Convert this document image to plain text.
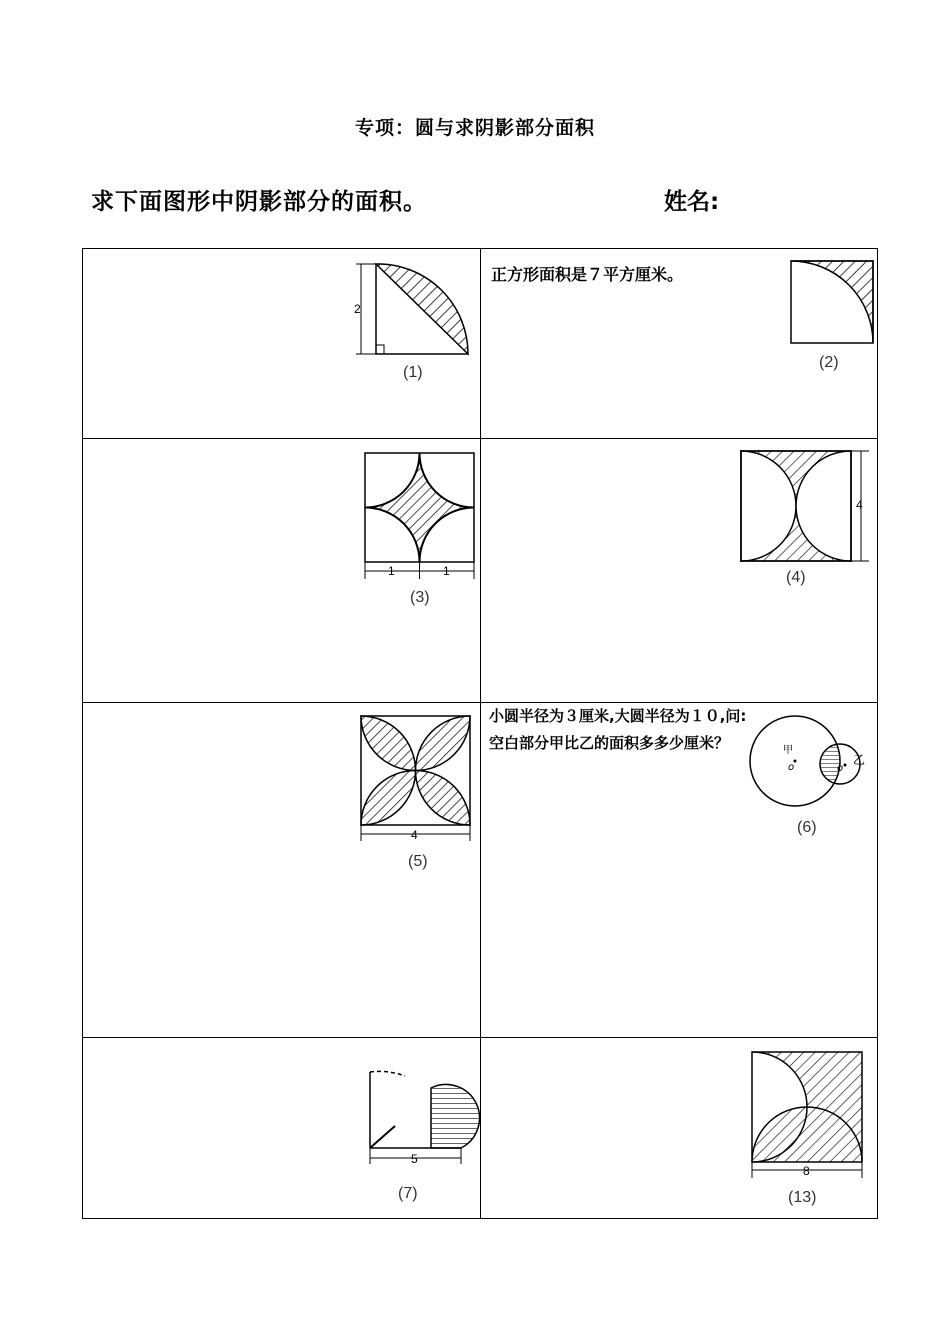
专项：圆与求阴影部分面积
求下面图形中阴影部分的面积。	姓名:
2
(1)
正方形面积是７平方厘米。
(2)
1	1
(3)
4
(4)
4
(5)
小圆半径为３厘米,大圆半径为１０,问:空白部分甲比乙的面积多多少厘米？	甲
o
乙
o
(6)
5
(7)
8
(13)
